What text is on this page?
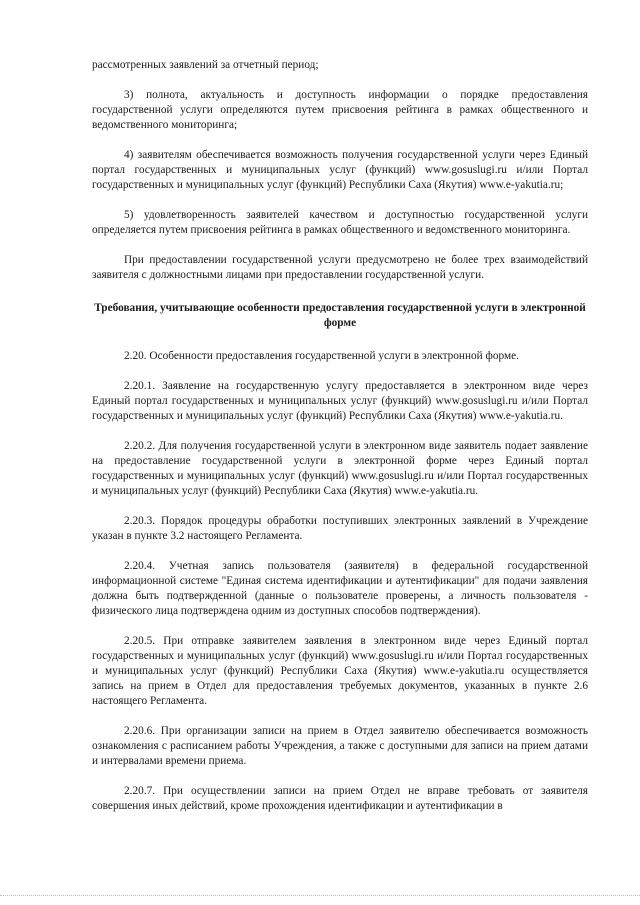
рассмотренных заявлений за отчетный период;

3) полнота, актуальность и доступность информации о порядке предоставления государственной услуги определяются путем присвоения рейтинга в рамках общественного и ведомственного мониторинга;

4) заявителям обеспечивается возможность получения государственной услуги через Единый портал государственных и муниципальных услуг (функций) www.gosuslugi.ru и/или Портал государственных и муниципальных услуг (функций) Республики Саха (Якутия) www.e-yakutia.ru;

5) удовлетворенность заявителей качеством и доступностью государственной услуги определяется путем присвоения рейтинга в рамках общественного и ведомственного мониторинга.

При предоставлении государственной услуги предусмотрено не более трех взаимодействий заявителя с должностными лицами при предоставлении государственной услуги.

Требования, учитывающие особенности предоставления государственной услуги в электронной форме

2.20. Особенности предоставления государственной услуги в электронной форме.

2.20.1. Заявление на государственную услугу предоставляется в электронном виде через Единый портал государственных и муниципальных услуг (функций) www.gosuslugi.ru и/или Портал государственных и муниципальных услуг (функций) Республики Саха (Якутия) www.e-yakutia.ru.

2.20.2. Для получения государственной услуги в электронном виде заявитель подает заявление на предоставление государственной услуги в электронной форме через Единый портал государственных и муниципальных услуг (функций) www.gosuslugi.ru и/или Портал государственных и муниципальных услуг (функций) Республики Саха (Якутия) www.e-yakutia.ru.

2.20.3. Порядок процедуры обработки поступивших электронных заявлений в Учреждение указан в пункте 3.2 настоящего Регламента.

2.20.4. Учетная запись пользователя (заявителя) в федеральной государственной информационной системе "Единая система идентификации и аутентификации" для подачи заявления должна быть подтвержденной (данные о пользователе проверены, а личность пользователя - физического лица подтверждена одним из доступных способов подтверждения).

2.20.5. При отправке заявителем заявления в электронном виде через Единый портал государственных и муниципальных услуг (функций) www.gosuslugi.ru и/или Портал государственных и муниципальных услуг (функций) Республики Саха (Якутия) www.e-yakutia.ru осуществляется запись на прием в Отдел для предоставления требуемых документов, указанных в пункте 2.6 настоящего Регламента.

2.20.6. При организации записи на прием в Отдел заявителю обеспечивается возможность ознакомления с расписанием работы Учреждения, а также с доступными для записи на прием датами и интервалами времени приема.

2.20.7. При осуществлении записи на прием Отдел не вправе требовать от заявителя совершения иных действий, кроме прохождения идентификации и аутентификации в
